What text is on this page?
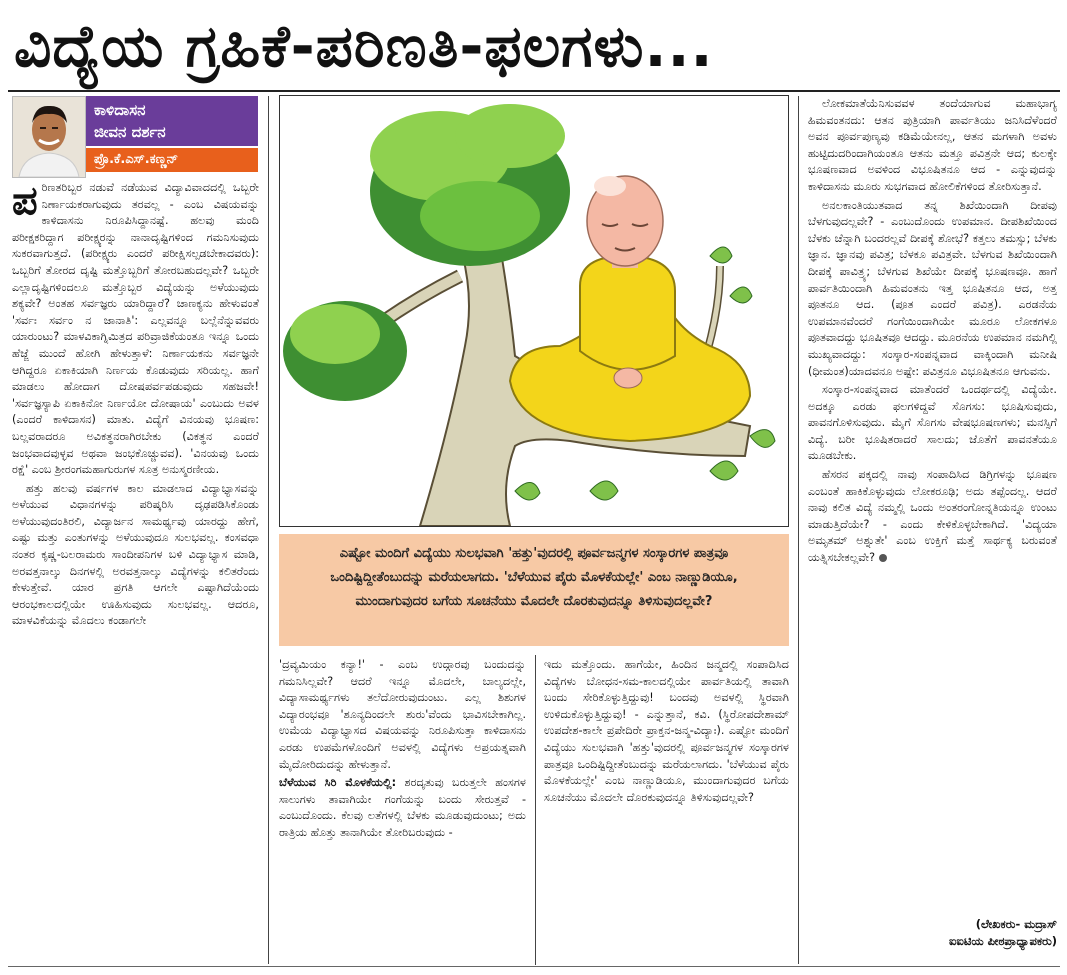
ವಿದ್ಯೆಯ ಗ್ರಹಿಕೆ-ಪರಿಣತಿ-ಫಲಗಳು...
ಕಾಳಿದಾಸನ
ಜೀವನ ದರ್ಶನ
ಪ್ರೊ.ಕೆ.ಎಸ್.ಕಣ್ಣನ್

ಪರಿಣತರಿಬ್ಬರ ನಡುವೆ ನಡೆಯುವ ವಿದ್ಯಾವಿವಾದದಲ್ಲಿ ಒಬ್ಬರೇ ನಿರ್ಣಾಯಕರಾಗುವುದು ತರವಲ್ಲ - ಎಂಬ ವಿಷಯವನ್ನು ಕಾಳಿದಾಸನು ನಿರೂಪಿಸಿದ್ದಾನಷ್ಟೆ. ಹಲವು ಮಂದಿ ಪರೀಕ್ಷಕರಿದ್ದಾಗ ಪರೀಕ್ಷ್ಯರನ್ನು ನಾನಾದೃಷ್ಟಿಗಳಿಂದ ಗಮನಿಸುವುದು ಸುಕರವಾಗುತ್ತದೆ. (ಪರೀಕ್ಷ್ಯರು ಎಂದರೆ ಪರೀಕ್ಷಿಸಲ್ಪಡಬೇಕಾದವರು): ಒಬ್ಬರಿಗೆ ತೋರದ ದೃಷ್ಟಿ ಮತ್ತೊಬ್ಬರಿಗೆ ತೋರಬಹುದಲ್ಲವೇ? ಒಬ್ಬರೇ ಎಲ್ಲಾದೃಷ್ಟಿಗಳಿಂದಲೂ ಮತ್ತೊಬ್ಬರ ವಿದ್ಯೆಯನ್ನು ಅಳೆಯುವುದು ಶಕ್ಯವೇ? ಅಂತಹ ಸರ್ವಜ್ಞರು ಯಾರಿದ್ದಾರೆ? ಚಾಣಕ್ಯನು ಹೇಳುವಂತೆ 'ಸರ್ವಃ ಸರ್ವಂ ನ ಜಾನಾತಿ': ಎಲ್ಲವನ್ನೂ ಬಲ್ಲೆನೆನ್ನುವವರು ಯಾರುಂಟು? ಮಾಳವಿಕಾಗ್ನಿಮಿತ್ರದ ಪರಿವ್ರಾಜಿಕೆಯಂತೂ ಇನ್ನೂ ಒಂದು ಹೆಜ್ಜೆ ಮುಂದೆ ಹೋಗಿ ಹೇಳುತ್ತಾಳೆ: ನಿರ್ಣಾಯಕನು ಸರ್ವಜ್ಞನೇ ಆಗಿದ್ದರೂ ಏಕಾಕಿಯಾಗಿ ನಿರ್ಣಯ ಕೊಡುವುದು ಸರಿಯಲ್ಲ. ಹಾಗೆ ಮಾಡಲು ಹೋದಾಗ ದೋಷಪರ್ವಪಡುವುದು ಸಹಜವೇ! 'ಸರ್ವಜ್ಞಸ್ಯಾಪಿ ಏಕಾಕಿನೋ ನಿರ್ಣಯೋ ದೋಷಾಯ' ಎಂಬುದು ಅವಳ (ಎಂದರೆ ಕಾಳಿದಾಸನ) ಮಾತು. ವಿದ್ಯೆಗೆ ವಿನಯವು ಭೂಷಣ: ಬಲ್ಲವರಾದರೂ ಅವಿಕತ್ಥನರಾಗಿರಬೇಕು (ವಿಕತ್ಥನ ಎಂದರೆ ಜಂಭವಾದವುಳ್ಳವ ಅಥವಾ ಜಂಭಕೊಚ್ಚುವವ). 'ವಿನಯವು ಒಂದು ರಕ್ಷೆ' ಎಂಬ ಶ್ರೀರಂಗಮಹಾಗುರುಗಳ ಸೂತ್ರ ಅನುಸ್ಮರಣೀಯ.

ಹತ್ತು ಹಲವು ವರ್ಷಗಳ ಕಾಲ ಮಾಡಲಾದ ವಿದ್ಯಾಭ್ಯಾಸವನ್ನು ಅಳೆಯುವ ವಿಧಾನಗಳನ್ನು ಪರಿಷ್ಕರಿಸಿ ದೃಢಪಡಿಸಿಕೊಂಡು ಅಳೆಯುವುದಂತಿರಲಿ, ವಿದ್ಯಾರ್ಜನ ಸಾಮರ್ಥ್ಯವು ಯಾರದ್ದು ಹೇಗೆ, ಎಷ್ಟು ಮತ್ತು ಎಂತುಗಳನ್ನು ಅಳೆಯುವುದೂ ಸುಲಭವಲ್ಲ. ಕಂಸವಧಾ ನಂತರ ಕೃಷ್ಣ-ಬಲರಾಮರು ಸಾಂದೀಪನಿಗಳ ಬಳಿ ವಿದ್ಯಾಭ್ಯಾಸ ಮಾಡಿ, ಅರವತ್ತನಾಲ್ಕು ದಿನಗಳಲ್ಲಿ ಅರವತ್ತನಾಲ್ಕು ವಿದ್ಯೆಗಳನ್ನು ಕಲಿತರೆಂದು ಕೇಳುತ್ತೇವೆ. ಯಾರ ಪ್ರಗತಿ ಆಗಲೇ ಎಷ್ಟಾಗಿದೆಯೆಂದು ಆರಂಭಕಾಲದಲ್ಲಿಯೇ ಊಹಿಸುವುದು ಸುಲಭವಲ್ಲ. ಆದರೂ, ಮಾಳವಿಕೆಯನ್ನು ಮೊದಲು ಕಂಡಾಗಲೇ

ಎಷ್ಟೋ ಮಂದಿಗೆ ವಿದ್ಯೆಯು ಸುಲಭವಾಗಿ 'ಹತ್ತು'ವುದರಲ್ಲಿ ಪೂರ್ವಜನ್ಮಗಳ ಸಂಸ್ಕಾರಗಳ ಪಾತ್ರವೂ ಒಂದಿಷ್ಟಿದ್ದೀತೆಂಬುದನ್ನು ಮರೆಯಲಾಗದು. 'ಬೆಳೆಯುವ ಪೈರು ಮೊಳಕೆಯಲ್ಲೇ' ಎಂಬ ನಾಣ್ಣುಡಿಯೂ, ಮುಂದಾಗುವುದರ ಬಗೆಯ ಸೂಚನೆಯು ಮೊದಲೇ ದೊರಕುವುದನ್ನೂ ತಿಳಿಸುವುದಲ್ಲವೇ?

'ದ್ರವ್ಯಮಿಯಂ ಕನ್ಯಾ!' - ಎಂಬ ಉದ್ಗಾರವು ಬಂದುದನ್ನು ಗಮನಿಸಿಲ್ಲವೇ? ಆದರೆ ಇನ್ನೂ ಮೊದಲೇ, ಬಾಲ್ಯದಲ್ಲೇ, ವಿದ್ಯಾಸಾಮರ್ಥ್ಯಗಳು ತಲೆದೋರುವುದುಂಟು. ಎಲ್ಲ ಶಿಶುಗಳ ವಿದ್ಯಾರಂಭವೂ 'ಶೂನ್ಯದಿಂದಲೇ ಶುರು'ವೆಂದು ಭಾವಿಸಬೇಕಾಗಿಲ್ಲ. ಉಮೆಯ ವಿದ್ಯಾಭ್ಯಾಸದ ವಿಷಯವನ್ನು ನಿರೂಪಿಸುತ್ತಾ ಕಾಳಿದಾಸನು ಎರಡು ಉಪಮೆಗಳೊಂದಿಗೆ ಅವಳಲ್ಲಿ ವಿದ್ಯೆಗಳು ಅಪ್ರಯತ್ನವಾಗಿ ಮೈದೋರಿದುದನ್ನು ಹೇಳುತ್ತಾನೆ.

ಬೆಳೆಯುವ ಸಿರಿ ಮೊಳಕೆಯಲ್ಲಿ: ಶರದೃತುವು ಬರುತ್ತಲೇ ಹಂಸಗಳ ಸಾಲುಗಳು ತಾವಾಗಿಯೇ ಗಂಗೆಯನ್ನು ಬಂದು ಸೇರುತ್ತವೆ - ಎಂಬುದೊಂದು. ಕೆಲವು ಲತೆಗಳಲ್ಲಿ ಬೆಳಕು ಮೂಡುವುದುಂಟು; ಅದು ರಾತ್ರಿಯ ಹೊತ್ತು ತಾನಾಗಿಯೇ ತೋರಿಬರುವುದು -

ಇದು ಮತ್ತೊಂದು. ಹಾಗೆಯೇ, ಹಿಂದಿನ ಜನ್ಮದಲ್ಲಿ ಸಂಪಾದಿಸಿದ ವಿದ್ಯೆಗಳು ಬೋಧನ-ಸಮ-ಕಾಲದಲ್ಲಿಯೇ ಪಾರ್ವತಿಯಲ್ಲಿ ತಾವಾಗಿ ಬಂದು ಸೇರಿಕೊಳ್ಳುತ್ತಿದ್ದುವು! ಬಂದವು ಅವಳಲ್ಲಿ ಸ್ಥಿರವಾಗಿ ಉಳಿದುಕೊಳ್ಳುತ್ತಿದ್ದುವು! - ಎನ್ನುತ್ತಾನೆ, ಕವಿ. (ಸ್ಥಿರೋಪದೇಶಾಮ್ ಉಪದೇಶ-ಕಾಲೇ ಪ್ರಪೇದಿರೇ ಪ್ರಾಕ್ತನ-ಜನ್ಮ-ವಿದ್ಯಾಃ). ಎಷ್ಟೋ ಮಂದಿಗೆ ವಿದ್ಯೆಯು ಸುಲಭವಾಗಿ 'ಹತ್ತು'ವುದರಲ್ಲಿ ಪೂರ್ವಜನ್ಮಗಳ ಸಂಸ್ಕಾರಗಳ ಪಾತ್ರವೂ ಒಂದಿಷ್ಟಿದ್ದೀತೆಂಬುದನ್ನು ಮರೆಯಲಾಗದು. 'ಬೆಳೆಯುವ ಪೈರು ಮೊಳಕೆಯಲ್ಲೇ' ಎಂಬ ನಾಣ್ಣುಡಿಯೂ, ಮುಂದಾಗುವುದರ ಬಗೆಯ ಸೂಚನೆಯು ಮೊದಲೇ ದೊರಕುವುದನ್ನೂ ತಿಳಿಸುವುದಲ್ಲವೇ?

ಲೋಕಮಾತೆಯೆನಿಸುವವಳ ತಂದೆಯಾಗುವ ಮಹಾಭಾಗ್ಯ ಹಿಮವಂತನದು: ಆತನ ಪುತ್ರಿಯಾಗಿ ಪಾರ್ವತಿಯು ಜನಿಸಿದೆಳೆಂದರೆ ಅವನ ಪೂರ್ವಪುಣ್ಯವು ಕಡಿಮೆಯೇನಲ್ಲ, ಆತನ ಮಗಳಾಗಿ ಅವಳು ಹುಟ್ಟಿದುದರಿಂದಾಗಿಯಂತೂ ಆತನು ಮತ್ತೂ ಪವಿತ್ರನೇ ಆದ; ಕುಲಕ್ಕೇ ಭೂಷಣವಾದ ಅವಳಿಂದ ವಿಭೂಷಿತನೂ ಆದ - ಎನ್ನುವುದನ್ನು ಕಾಳಿದಾಸನು ಮೂರು ಸುಭಗವಾದ ಹೋಲಿಕೆಗಳಿಂದ ತೋರಿಸುತ್ತಾನೆ.

ಅನಲಕಾಂತಿಯುತವಾದ ತನ್ನ ಶಿಖೆಯಿಂದಾಗಿ ದೀಪವು ಬೆಳಗುವುದಲ್ಲವೇ? - ಎಂಬುದೊಂದು ಉಪಮಾನ. ದೀಪಶಿಖೆಯಿಂದ ಬೆಳಕು ಚೆನ್ನಾಗಿ ಬಂದರಲ್ಲವೆ ದೀಪಕ್ಕೆ ಶೋಭೆ? ಕತ್ತಲು ತಮಸ್ಸು; ಬೆಳಕು ಜ್ಞಾನ. ಜ್ಞಾನವು ಪವಿತ್ರ; ಬೆಳಕೂ ಪವಿತ್ರವೇ. ಬೆಳಗುವ ಶಿಖೆಯಿಂದಾಗಿ ದೀಪಕ್ಕೆ ಪಾವಿತ್ರ್ಯ; ಬೆಳಗುವ ಶಿಖೆಯೇ ದೀಪಕ್ಕೆ ಭೂಷಣವೂ. ಹಾಗೆ ಪಾರ್ವತಿಯಿಂದಾಗಿ ಹಿಮವಂತನು ಇತ್ತ ಭೂಷಿತನೂ ಆದ, ಅತ್ತ ಪೂತನೂ ಆದ. (ಪೂತ ಎಂದರೆ ಪವಿತ್ರ). ಎರಡನೆಯ ಉಪಮಾನವೆಂದರೆ ಗಂಗೆಯಿಂದಾಗಿಯೇ ಮೂರೂ ಲೋಕಗಳೂ ಪೂತವಾದದ್ದು ಭೂಷಿತವೂ ಆದದ್ದು. ಮೂರನೆಯ ಉಪಮಾನ ನಮಗಿಲ್ಲಿ ಮುಖ್ಯವಾದದ್ದು: ಸಂಸ್ಕಾರ-ಸಂಪನ್ನವಾದ ವಾಕ್ಕಿಂದಾಗಿ ಮನೀಷಿ (ಧೀಮಂತ)ಯಾದವನೂ ಅಷ್ಟೇ: ಪವಿತ್ರನೂ ವಿಭೂಷಿತನೂ ಆಗುವನು.

ಸಂಸ್ಕಾರ-ಸಂಪನ್ನವಾದ ಮಾತೆಂದರೆ ಒಂದರ್ಥದಲ್ಲಿ ವಿದ್ಯೆಯೇ. ಅದಕ್ಕೂ ಎರಡು ಫಲಗಳಿದ್ದವೆ ಸೊಗಸು: ಭೂಷಿಸುವುದು, ಪಾವನಗೊಳಿಸುವುದು. ಮೈಗೆ ಸೊಗಸು ವೇಷಭೂಷಣಗಳು; ಮನಸ್ಸಿಗೆ ವಿದ್ಯೆ. ಬರೀ ಭೂಷಿತರಾದರೆ ಸಾಲದು; ಜೊತೆಗೆ ಪಾವನತೆಯೂ ಮೂಡಬೇಕು.

ಹೆಸರನ ಪಕ್ಕದಲ್ಲಿ ನಾವು ಸಂಪಾದಿಸಿದ ಡಿಗ್ರಿಗಳನ್ನು ಭೂಷಣ ಎಂಬಂತೆ ಹಾಕಿಕೊಳ್ಳುವುದು ಲೋಕರೂಢಿ; ಅದು ತಪ್ಪೆಂದಲ್ಲ. ಆದರೆ ನಾವು ಕಲಿತ ವಿದ್ಯೆ ನಮ್ಮಲ್ಲಿ ಒಂದು ಅಂತರಂಗೋನ್ನತಿಯನ್ನೂ ಉಂಟು ಮಾಡುತ್ತಿದೆಯೇ? - ಎಂದು ಕೇಳಿಕೊಳ್ಳಬೇಕಾಗಿದೆ. 'ವಿದ್ಯಯಾ ಅಮೃತಮ್ ಅಶ್ನುತೇ' ಎಂಬ ಉಕ್ತಿಗೆ ಮತ್ತೆ ಸಾರ್ಥಕ್ಯ ಬರುವಂತೆ ಯತ್ನಿಸಬೇಕಲ್ಲವೇ?

(ಲೇಖಕರು- ಮದ್ರಾಸ್
ಐಐಟಿಯ ಪೀಠಪ್ರಾಧ್ಯಾಪಕರು)
